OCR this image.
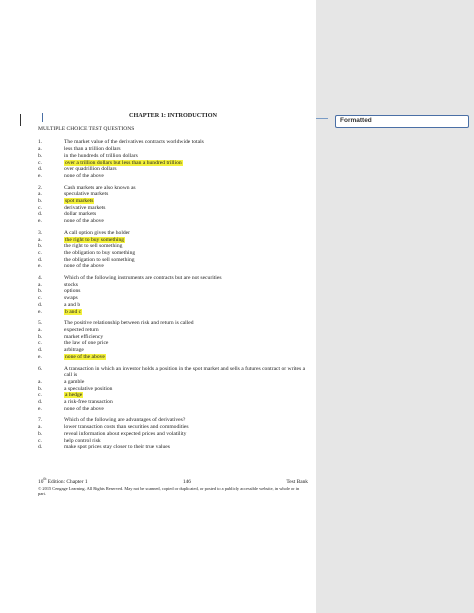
CHAPTER 1: INTRODUCTION
MULTIPLE CHOICE TEST QUESTIONS
1.	The market value of the derivatives contracts worldwide totals
a.	less than a trillion dollars
b.	in the hundreds of trillion dollars
c.	over a trillion dollars but less than a hundred trillion
d.	over quadrillion dollars
e.	none of the above
2.	Cash markets are also known as
a.	speculative markets
b.	spot markets
c.	derivative markets
d.	dollar markets
e.	none of the above
3.	A call option gives the holder
a.	the right to buy something
b.	the right to sell something
c.	the obligation to buy something
d.	the obligation to sell something
e.	none of the above
4.	Which of the following instruments are contracts but are not securities
a.	stocks
b.	options
c.	swaps
d.	a and b
e.	b and c
5.	The positive relationship between risk and return is called
a.	expected return
b.	market efficiency
c.	the law of one price
d.	arbitrage
e.	none of the above
6.	A transaction in which an investor holds a position in the spot market and sells a futures contract or writes a call is
a.	a gamble
b.	a speculative position
c.	a hedge
d.	a risk-free transaction
e.	none of the above
7.	Which of the following are advantages of derivatives?
a.	lower transaction costs than securities and commodities
b.	reveal information about expected prices and volatility
c.	help control risk
d.	make spot prices stay closer to their true values
10th Edition: Chapter 1	146	Test Bank
© 2015 Cengage Learning. All Rights Reserved. May not be scanned, copied or duplicated, or posted to a publicly accessible website, in whole or in part.
Formatted
